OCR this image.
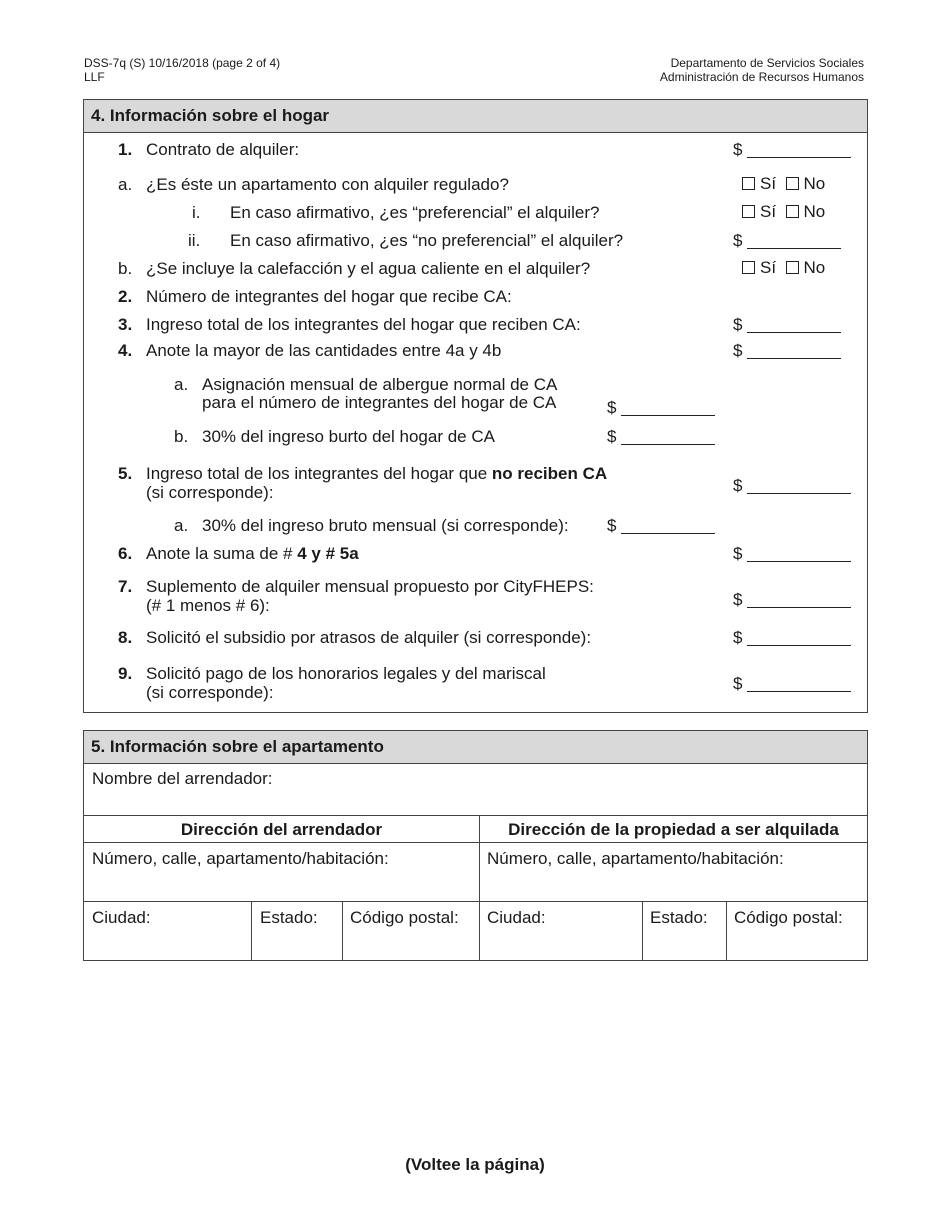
DSS-7q (S) 10/16/2018 (page 2 of 4)
LLF
Departamento de Servicios Sociales
Administración de Recursos Humanos
4. Información sobre el hogar
1. Contrato de alquiler:	$
a. ¿Es éste un apartamento con alquiler regulado?	Sí No
i. En caso afirmativo, ¿es “preferencial” el alquiler?	Sí No
ii. En caso afirmativo, ¿es “no preferencial” el alquiler?	$
b. ¿Se incluye la calefacción y el agua caliente en el alquiler?	Sí No
2. Número de integrantes del hogar que recibe CA:
3. Ingreso total de los integrantes del hogar que reciben CA:	$
4. Anote la mayor de las cantidades entre 4a y 4b	$
a. Asignación mensual de albergue normal de CA
para el número de integrantes del hogar de CA	$
b. 30% del ingreso burto del hogar de CA	$
5. Ingreso total de los integrantes del hogar que no reciben CA
(si corresponde):	$
a. 30% del ingreso bruto mensual (si corresponde): $
6. Anote la suma de # 4 y # 5a	$
7. Suplemento de alquiler mensual propuesto por CityFHEPS:
(# 1 menos # 6):	$
8. Solicitó el subsidio por atrasos de alquiler (si corresponde):	$
9. Solicitó pago de los honorarios legales y del mariscal
(si corresponde):	$
5. Información sobre el apartamento
Nombre del arrendador:
Dirección del arrendador	Dirección de la propiedad a ser alquilada
Número, calle, apartamento/habitación:	Número, calle, apartamento/habitación:
Ciudad:	Estado: Código postal: Ciudad:	Estado: Código postal:
(Voltee la página)
